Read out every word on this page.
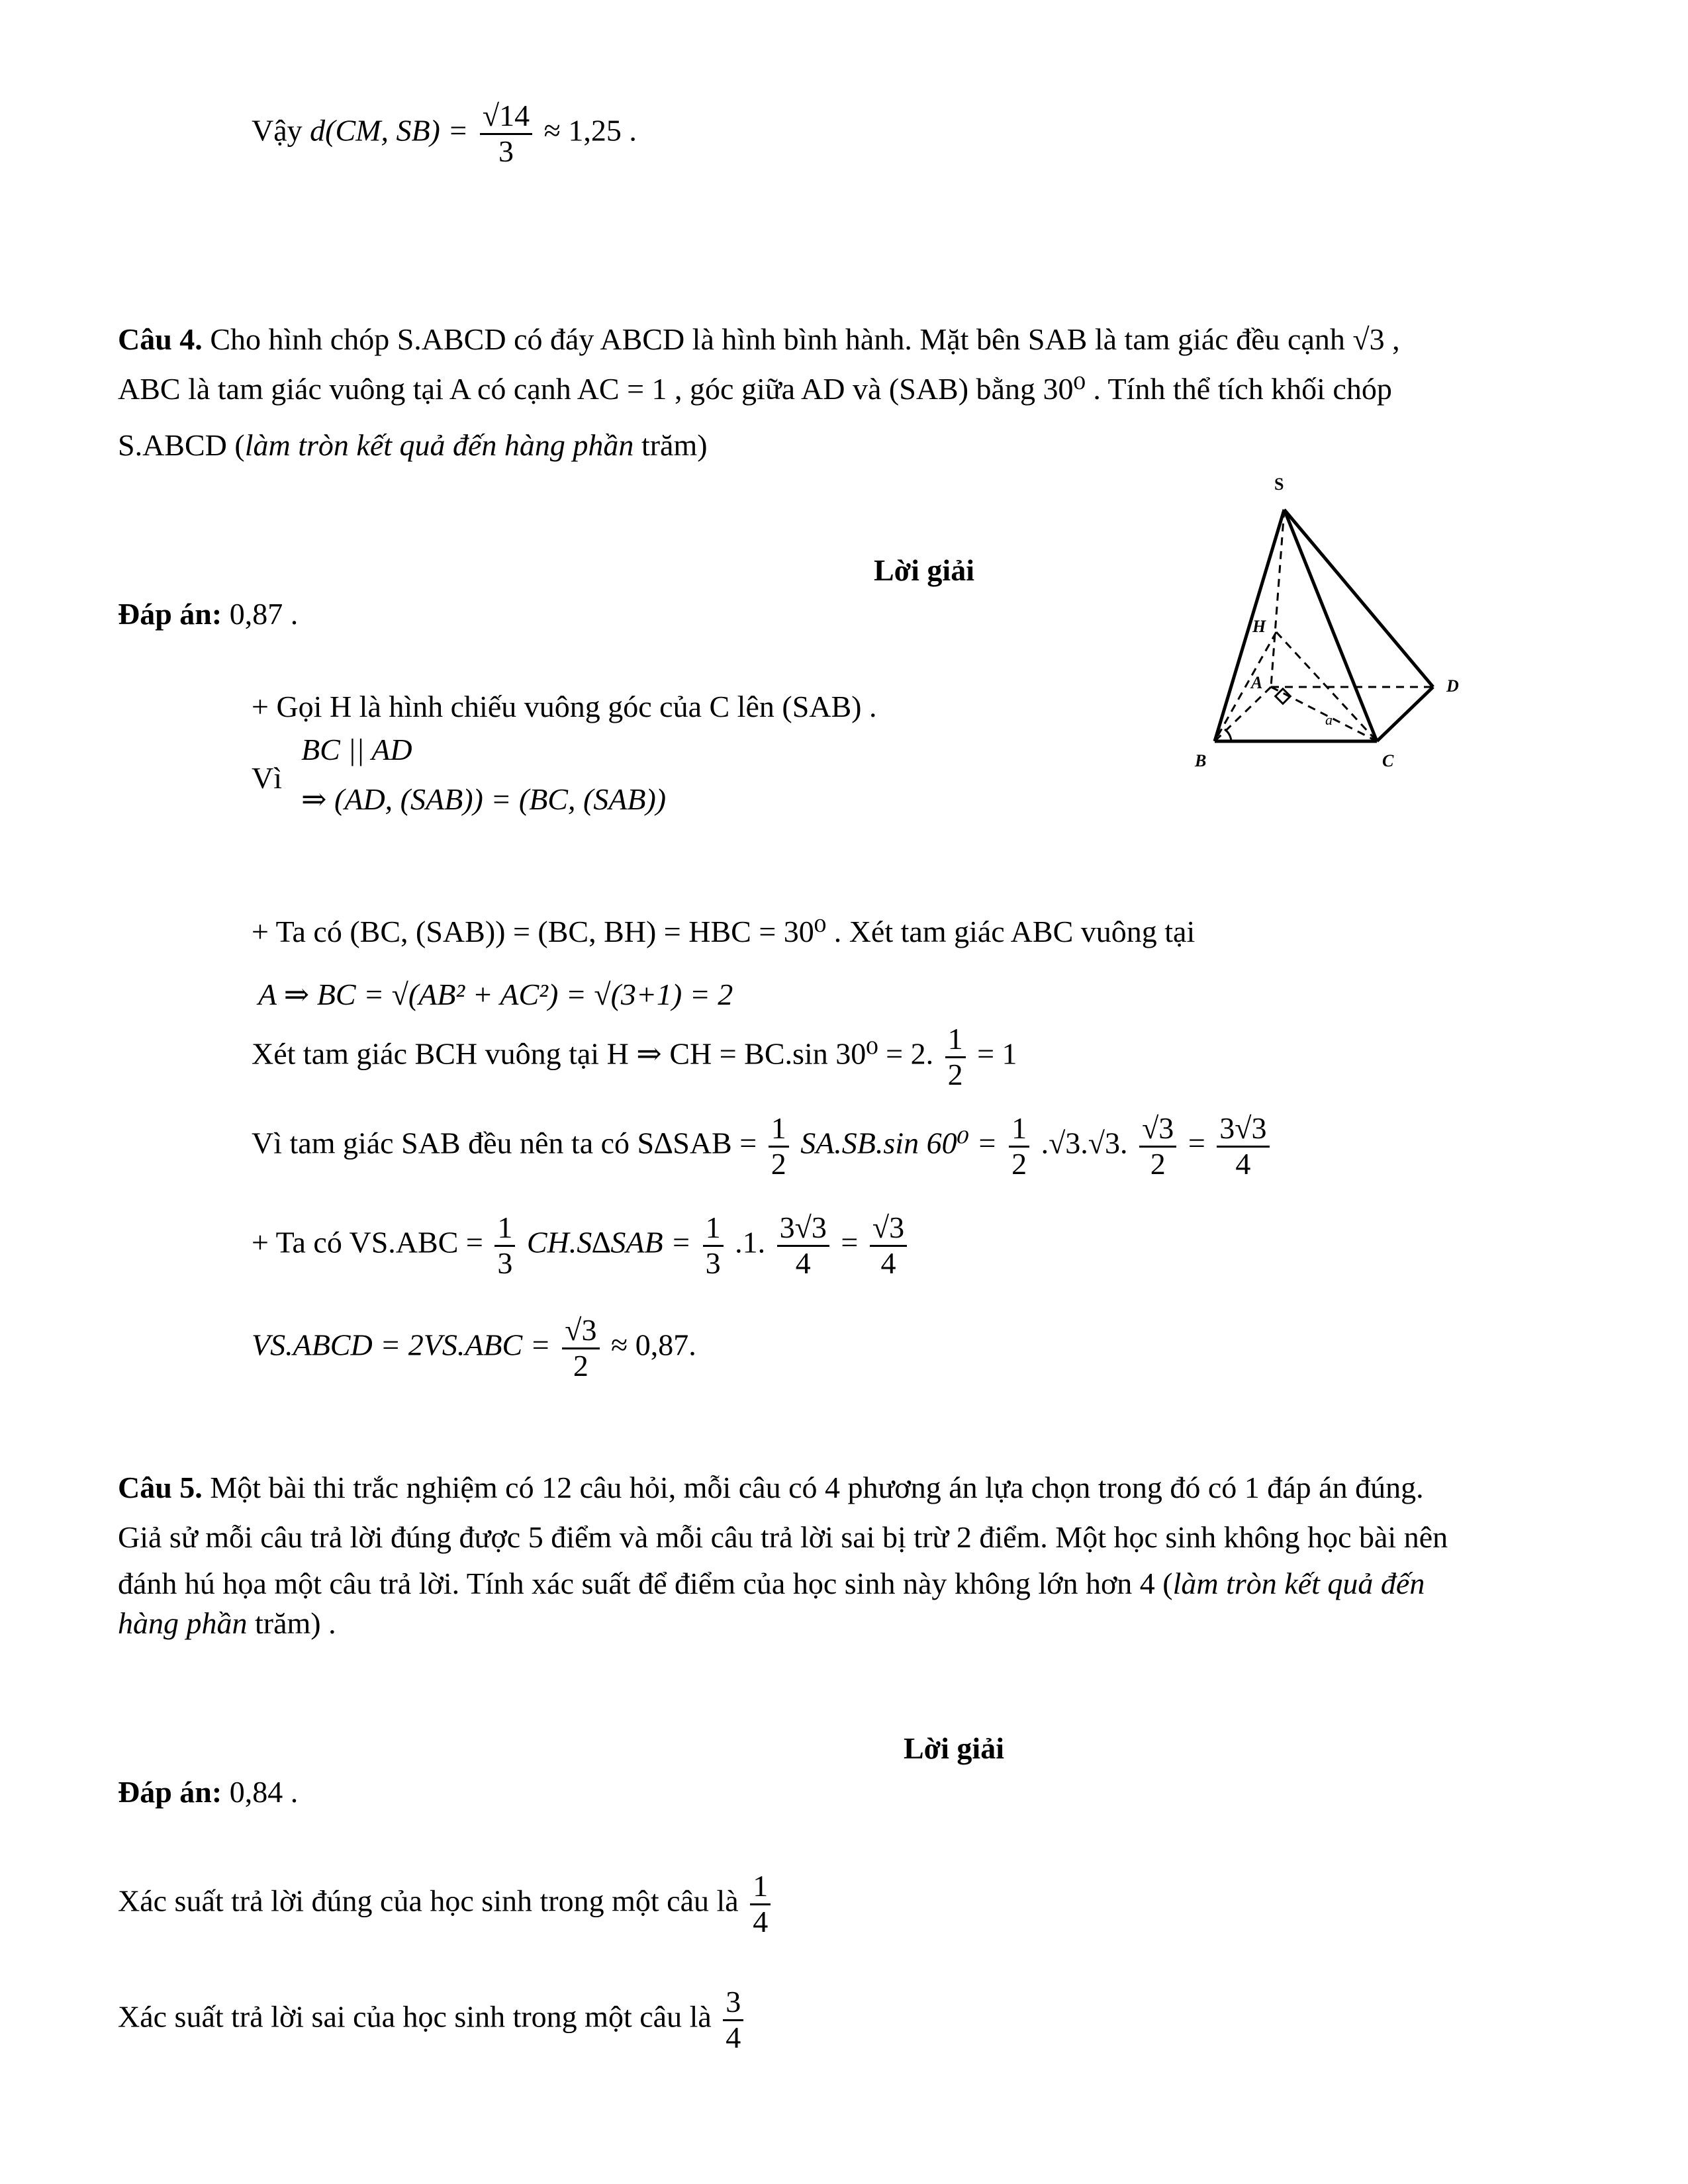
Vậy d(CM, $SB) = \frac{√14}{3} \approx 1,25$ .
Câu 4. Cho hình chóp S.ABCD có đáy ABCD là hình bình hành. Mặt bên SAB là tam giác đều cạnh √3 ,
ABC là tam giác vuông tại A có cạnh AC = 1 , góc giữa AD và (SAB) bằng 30⁰ . Tính thể tích khối chóp
S.ABCD (làm tròn kết quả đến hàng phần trăm)
Lời giải
Đáp án: 0,87 .
S
H
A
B	C
D
a
+ Gọi H là hình chiếu vuông góc của C lên (SAB) .
BC || AD
Vì
⇒ (AD, (SAB)) = (BC, (SAB))
+ Ta có (BC, (SAB)) = (BC, BH) = HBC = 30⁰ . Xét tam giác ABC vuông tại
A ⇒ BC = √(AB² + AC²) = √(3+1) = 2
Xét tam giác BCH vuông tại H ⇒ CH = BC.sin 30⁰ = 2. $\frac{1}{2} = 1$
Vì tam giác SAB đều nên ta có $S\Delta SAB = \frac{1}{2} SA.SB.\sin$ $60^0 = \frac{1}{2} .√3.√3$. $\frac{√3}{2} = \frac{3√3}{4}$
+ Ta có $VS.ABC = \frac{1}{3} CH.S\Delta SAB = \frac{1}{3} .1$. $\frac{3√3}{4} = \frac{√3}{4}$
VS.ABCD = $2VS.ABC = \frac{√3}{2} \approx 0,87$.
Câu 5. Một bài thi trắc nghiệm có 12 câu hỏi, mỗi câu có 4 phương án lựa chọn trong đó có 1 đáp án đúng.
Giả sử mỗi câu trả lời đúng được 5 điểm và mỗi câu trả lời sai bị trừ 2 điểm. Một học sinh không học bài nên
đánh hú họa một câu trả lời. Tính xác suất để điểm của học sinh này không lớn hơn 4 (làm tròn kết quả đến
hàng phần trăm) .
Lời giải
Đáp án: 0,84 .
Xác suất trả lời đúng của học sinh trong một câu là $\frac{1}{4}$
Xác suất trả lời sai của học sinh trong một câu là $\frac{3}{4}$
